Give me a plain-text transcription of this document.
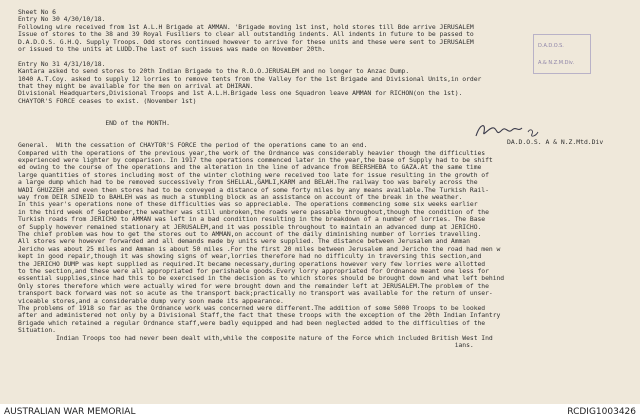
Sheet No 6
Entry No 30 4/30/10/18.
Following wire received from 1st A.L.H Brigade at AMMAN. 'Brigade moving 1st inst, hold stores till Bde arrive JERUSALEM
Issue of stores to the 38 and 39 Royal Fusiliers to clear all outstanding indents. All indents in future to be passed to
D.A.D.O.S. G.H.Q. Supply Troops. Odd stores continued however to arrive for these units and these were sent to JERUSALEM
or issued to the units at LUDD.The last of such issues was made on November 20th.
Entry No 31 4/31/10/18.
Kantara asked to send stores to 20th Indian Brigade to the R.O.O.JERUSALEM and no longer to Anzac Dump.
1040 A.T.Coy. asked to supply 12 lorries to remove tents from the Valley for the 1st Brigade and Divisional Units,in order
that they might be available for the men on arrival at DHIRAN.
Divisional Headquarters,Divisional Troops and 1st A.L.H.Brigade less one Squadron leave AMMAN for RICHON(on the 1st).
CHAYTOR'S FORCE ceases to exist. (November 1st)
END of the MONTH.
General.  With the cessation of CHAYTOR'S FORCE the period of the operations came to an end.
Compared with the operations of the previous year,the work of the Ordnance was considerably heavier though the difficulties
experienced were lighter by comparison. In 1917 the operations commenced later in the year,the base of Supply had to be shift
ed owing to the course of the operations and the alteration in the line of advance from BEERSHEBA to GAZA.At the same time
large quantities of stores including most of the winter clothing were received too late for issue resulting in the growth of
a large dump which had to be removed successively from SHELLAL,GAMLI,KARM and BELAH.The railway too was barely across the
WADI GHUZZEH and even then stores had to be conveyed a distance of some forty miles by any means available.The Turkish Rail-
way from DEIR SINEID to BAHLEH was as much a stumbling block as an assistance on account of the break in the weather.
In this year's operations none of these difficulties was so appreciable. The operations commencing some six weeks earlier
in the third week of September,the weather was still unbroken,the roads were passable throughout,though the condition of the
Turkish roads from JERICHO to AMMAN was left in a bad condition resulting in the breakdown of a number of lorries. The Base
of Supply however remained stationary at JERUSALEM,and it was possible throughout to maintain an advanced dump at JERICHO.
The chief problem was how to get the stores out to AMMAN,on account of the daily diminishing number of lorries travelling.
All stores were however forwarded and all demands made by units were supplied. The distance between Jerusalem and Amman
Jericho was about 25 miles and Amman is about 50 miles .For the first 20 miles between Jerusalem and Jericho the road had men w
kept in good repair,though it was showing signs of wear,lorries therefore had no difficulty in traversing this section,and
the JERICHO DUMP was kept supplied as required.It became necessary,during operations however very few lorries were allotted
to the section,and these were all appropriated for perishable goods.Every lorry appropriated for Ordnance meant one less for
essential supplies,since had this to be exercised in the decision as to which stores should be brought down and what left behind
Only stores therefore which were actually wired for were brought down and the remainder left at JERUSALEM.The problem of the
transport back forward was not so acute as the transport back;practically no transport was available for the return of unser-
viceable stores,and a considerable dump very soon made its appearance.
The problems of 1918 so far as the Ordnance work was concerned were different.The addition of some 5000 Troops to be looked
after and administered not only by a Divisional Staff,the fact that these troops with the exception of the 20th Indian Infantry
Brigade which retained a regular Ordnance staff,were badly equipped and had been neglected added to the difficulties of the
Situation.
Indian Troops too had never been dealt with,while the composite nature of the Force which included British West Ind
ians.
D.A.D.O.S.
A.& N.Z.M.Div.
DA.D.O.S. A & N.Z.Mtd.Div
AUSTRALIAN WAR MEMORIAL	RCDIG1003426
